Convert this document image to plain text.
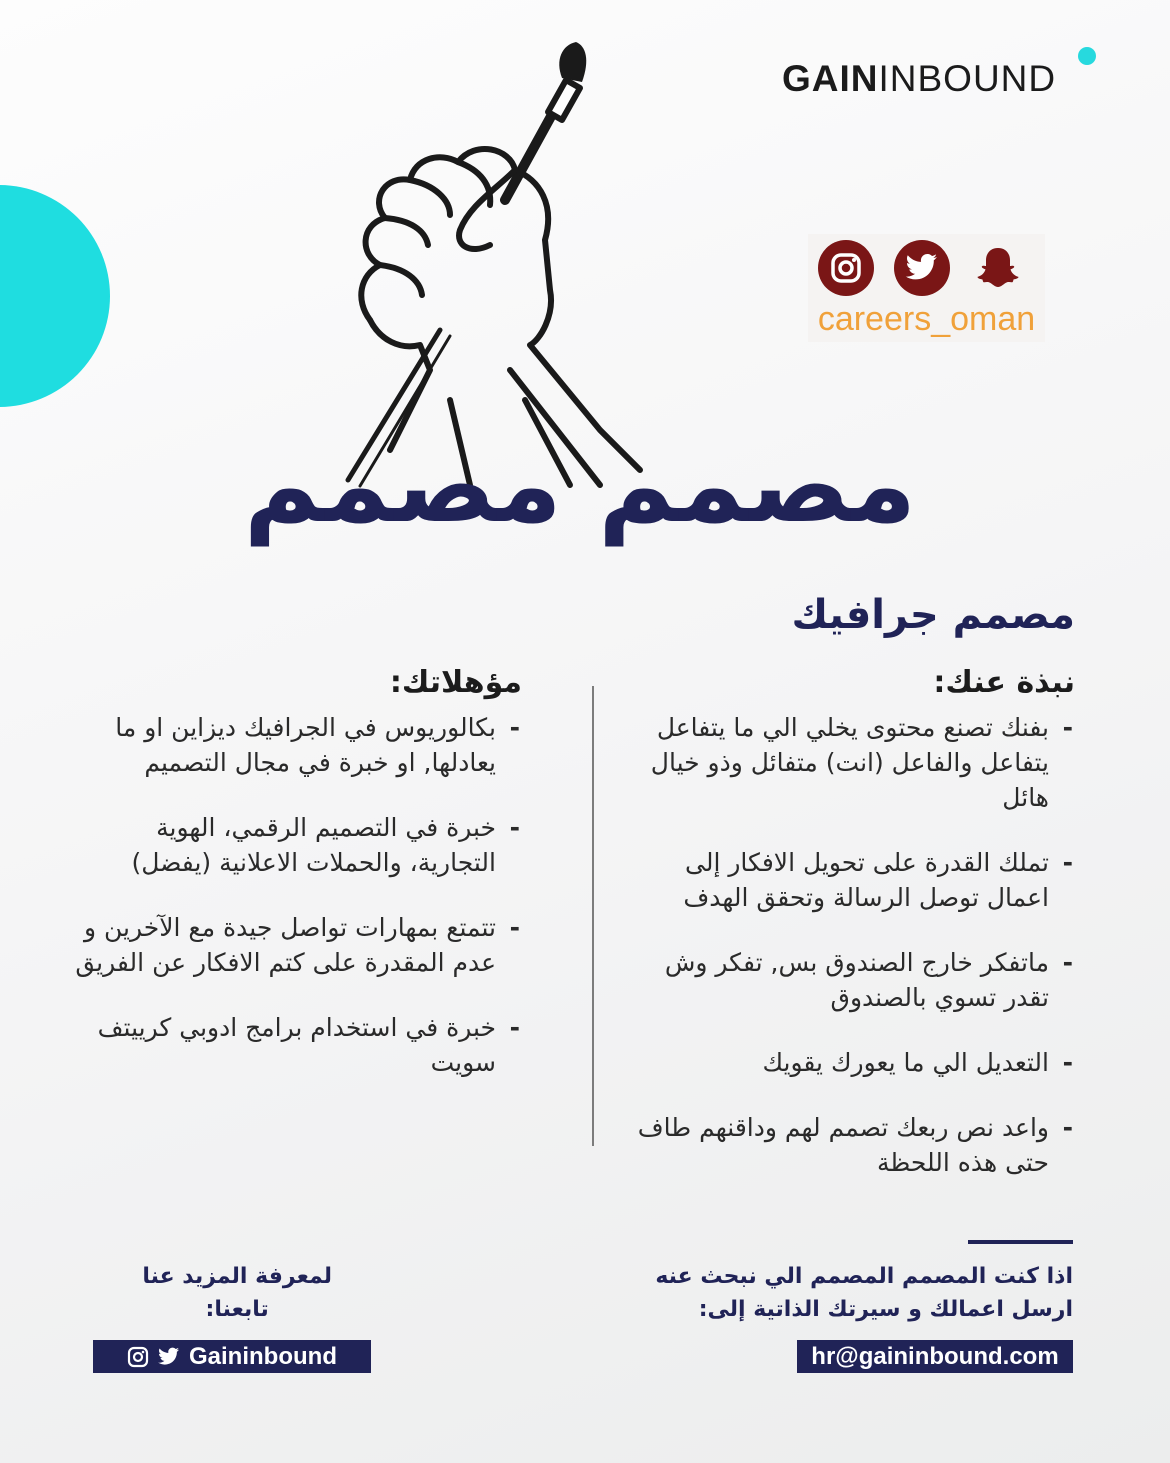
GAININBOUND
careers_oman
مصمم مصمم
مصمم جرافيك
نبذة عنك:
- بفنك تصنع محتوى يخلي الي ما يتفاعل يتفاعل والفاعل (انت) متفائل وذو خيال هائل
- تملك القدرة على تحويل الافكار إلى اعمال توصل الرسالة وتحقق الهدف
- ماتفكر خارج الصندوق بس, تفكر وش تقدر تسوي بالصندوق
- التعديل الي ما يعورك يقويك
- واعد نص ربعك تصمم لهم وداقنهم طاف حتى هذه اللحظة
مؤهلاتك:
- بكالوريوس في الجرافيك ديزاين او ما يعادلها, او خبرة في مجال التصميم
- خبرة في التصميم الرقمي، الهوية التجارية، والحملات الاعلانية (يفضل)
- تتمتع بمهارات تواصل جيدة مع الآخرين و عدم المقدرة على كتم الافكار عن الفريق
- خبرة في استخدام برامج ادوبي كرييتف سويت
اذا كنت المصمم المصمم الي نبحث عنه
ارسل اعمالك و سيرتك الذاتية إلى:
hr@gaininbound.com
لمعرفة المزيد عنا
تابعنا:
Gaininbound
